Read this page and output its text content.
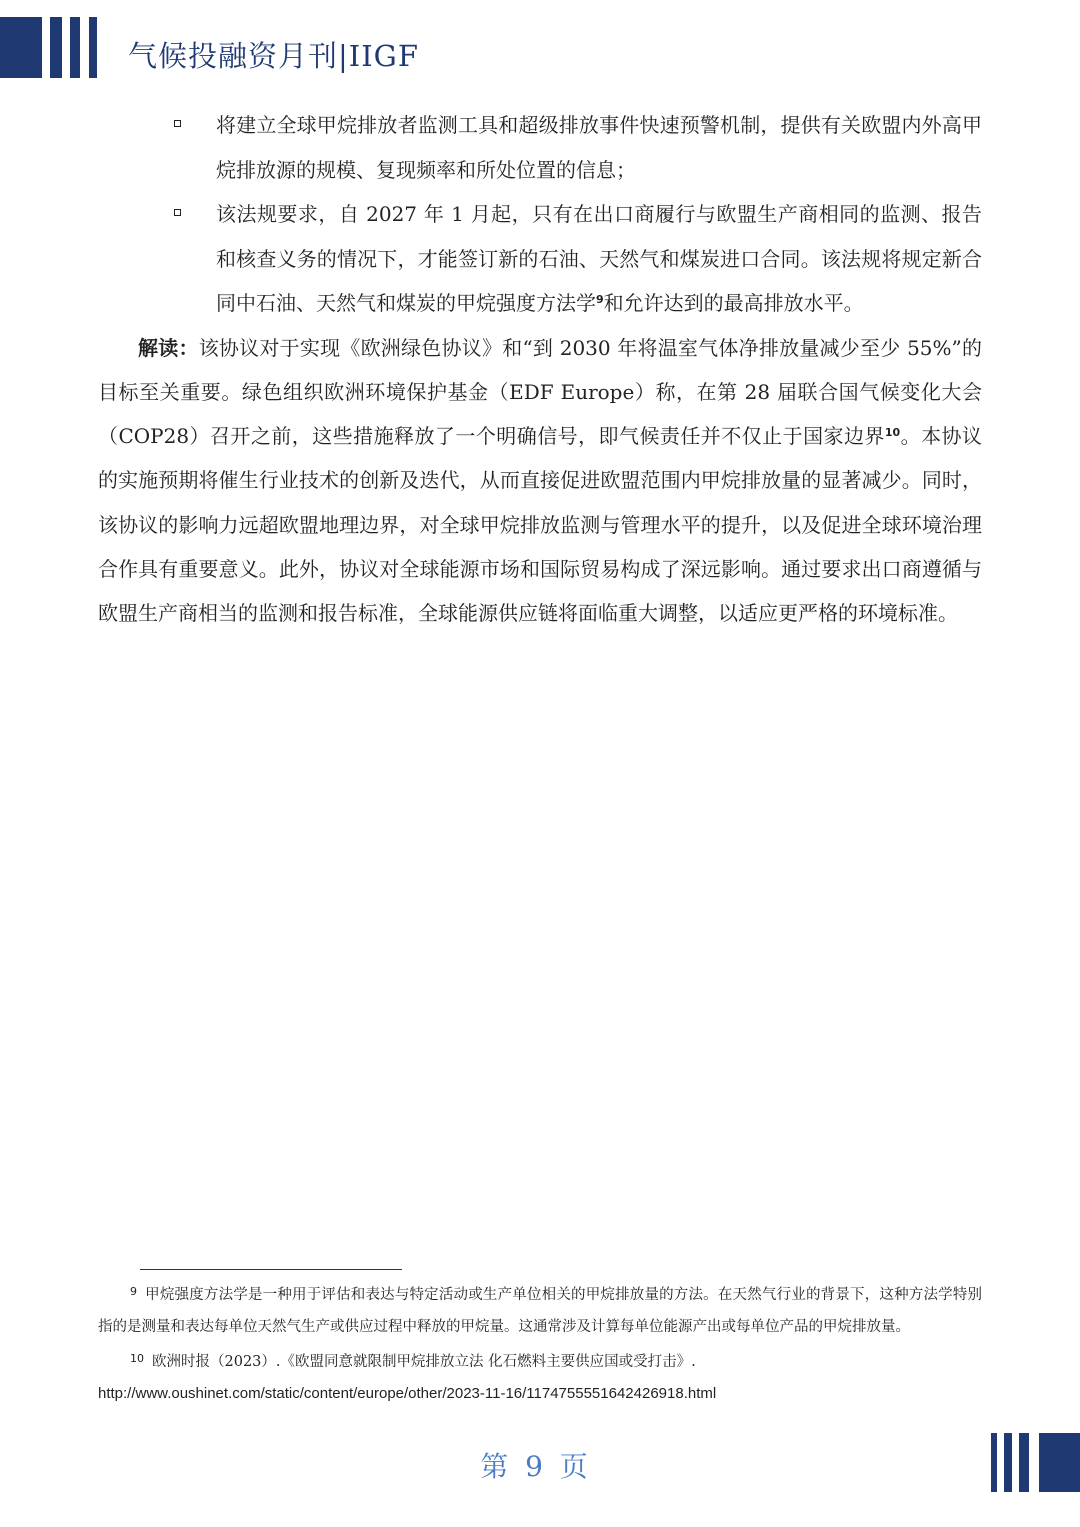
气候投融资月刊|IIGF

将建立全球甲烷排放者监测工具和超级排放事件快速预警机制，提供有关欧盟内外高甲烷排放源的规模、复现频率和所处位置的信息；

该法规要求，自 2027 年 1 月起，只有在出口商履行与欧盟生产商相同的监测、报告和核查义务的情况下，才能签订新的石油、天然气和煤炭进口合同。该法规将规定新合同中石油、天然气和煤炭的甲烷强度方法学$^9$和允许达到的最高排放水平。

解读：该协议对于实现《欧洲绿色协议》和“到 2030 年将温室气体净排放量减少至少 55%”的目标至关重要。绿色组织欧洲环境保护基金（EDF Europe）称，在第 28 届联合国气候变化大会（COP28）召开之前，这些措施释放了一个明确信号，即气候责任并不仅止于国家边界$^{10}$。本协议的实施预期将催生行业技术的创新及迭代，从而直接促进欧盟范围内甲烷排放量的显著减少。同时，该协议的影响力远超欧盟地理边界，对全球甲烷排放监测与管理水平的提升，以及促进全球环境治理合作具有重要意义。此外，协议对全球能源市场和国际贸易构成了深远影响。通过要求出口商遵循与欧盟生产商相当的监测和报告标准，全球能源供应链将面临重大调整，以适应更严格的环境标准。

$^9$ 甲烷强度方法学是一种用于评估和表达与特定活动或生产单位相关的甲烷排放量的方法。在天然气行业的背景下，这种方法学特别指的是测量和表达每单位天然气生产或供应过程中释放的甲烷量。这通常涉及计算每单位能源产出或每单位产品的甲烷排放量。

$^{10}$ 欧洲时报（2023）.《欧盟同意就限制甲烷排放立法 化石燃料主要供应国或受打击》.

http://www.oushinet.com/static/content/europe/other/2023-11-16/1174755551642426918.html

第 9 页
